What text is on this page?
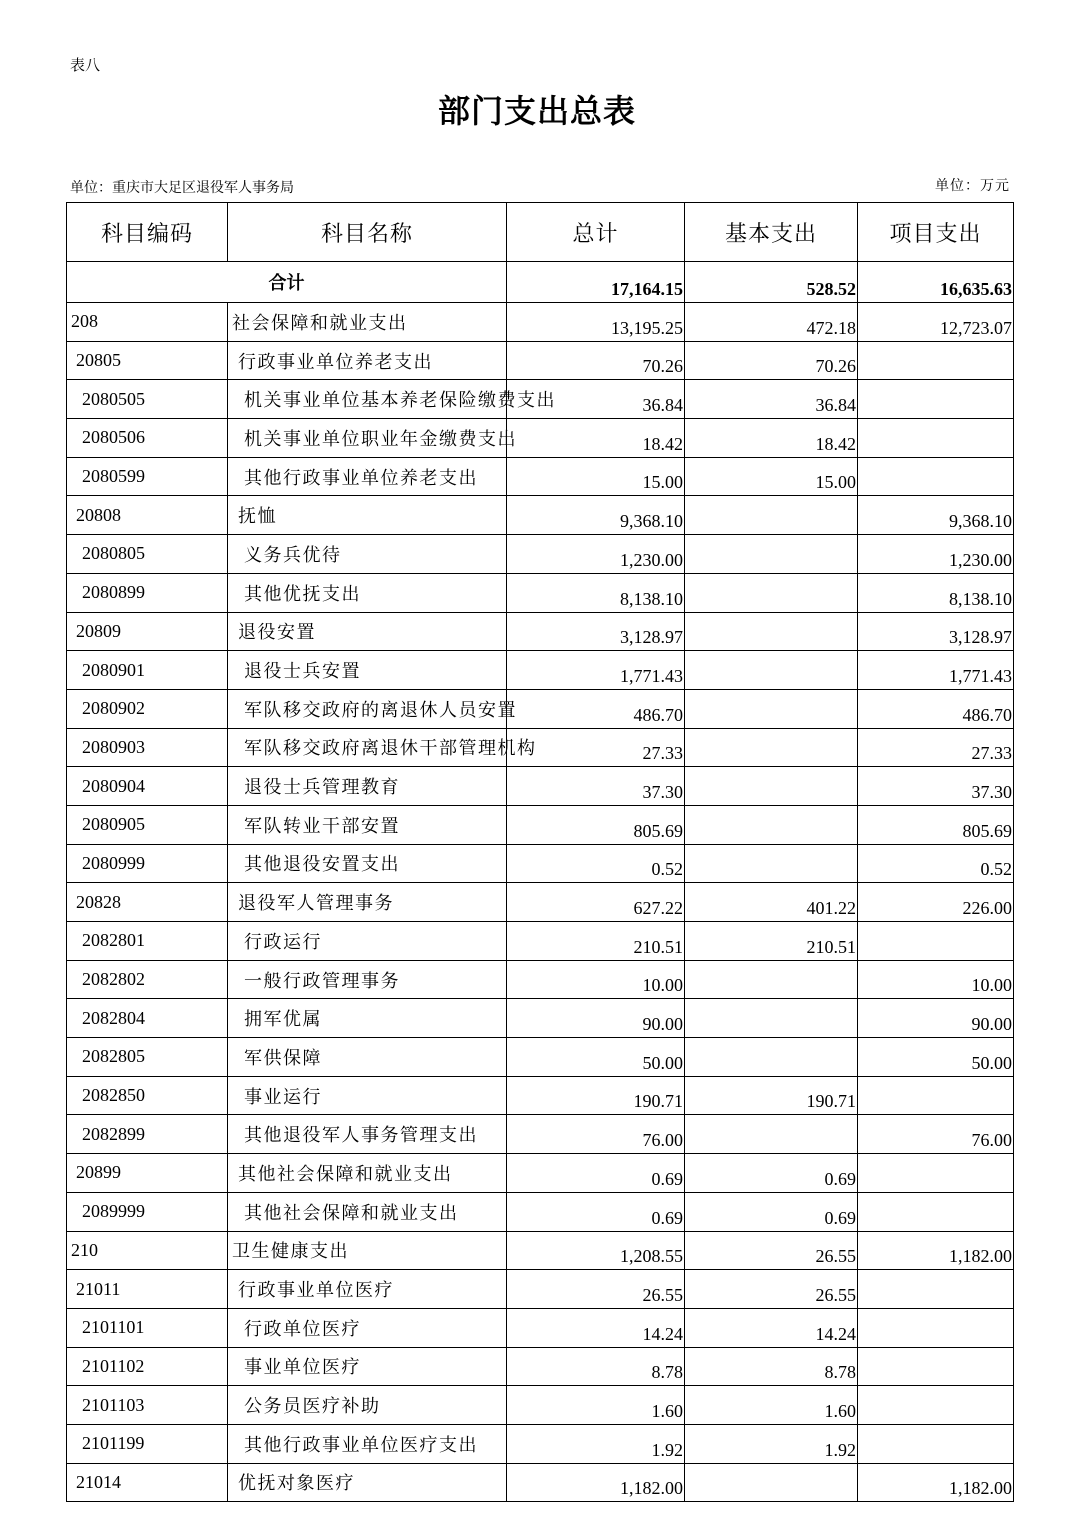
表八
部门支出总表
单位：重庆市大足区退役军人事务局	单位：万元
科目编码	科目名称	总计	基本支出	项目支出
合计		17,164.15	528.52	16,635.63
208	社会保障和就业支出	13,195.25	472.18	12,723.07
20805	行政事业单位养老支出	70.26	70.26	
2080505	机关事业单位基本养老保险缴费支出	36.84	36.84	
2080506	机关事业单位职业年金缴费支出	18.42	18.42	
2080599	其他行政事业单位养老支出	15.00	15.00	
20808	抚恤	9,368.10		9,368.10
2080805	义务兵优待	1,230.00		1,230.00
2080899	其他优抚支出	8,138.10		8,138.10
20809	退役安置	3,128.97		3,128.97
2080901	退役士兵安置	1,771.43		1,771.43
2080902	军队移交政府的离退休人员安置	486.70		486.70
2080903	军队移交政府离退休干部管理机构	27.33		27.33
2080904	退役士兵管理教育	37.30		37.30
2080905	军队转业干部安置	805.69		805.69
2080999	其他退役安置支出	0.52		0.52
20828	退役军人管理事务	627.22	401.22	226.00
2082801	行政运行	210.51	210.51	
2082802	一般行政管理事务	10.00		10.00
2082804	拥军优属	90.00		90.00
2082805	军供保障	50.00		50.00
2082850	事业运行	190.71	190.71	
2082899	其他退役军人事务管理支出	76.00		76.00
20899	其他社会保障和就业支出	0.69	0.69	
2089999	其他社会保障和就业支出	0.69	0.69	
210	卫生健康支出	1,208.55	26.55	1,182.00
21011	行政事业单位医疗	26.55	26.55	
2101101	行政单位医疗	14.24	14.24	
2101102	事业单位医疗	8.78	8.78	
2101103	公务员医疗补助	1.60	1.60	
2101199	其他行政事业单位医疗支出	1.92	1.92	
21014	优抚对象医疗	1,182.00		1,182.00
